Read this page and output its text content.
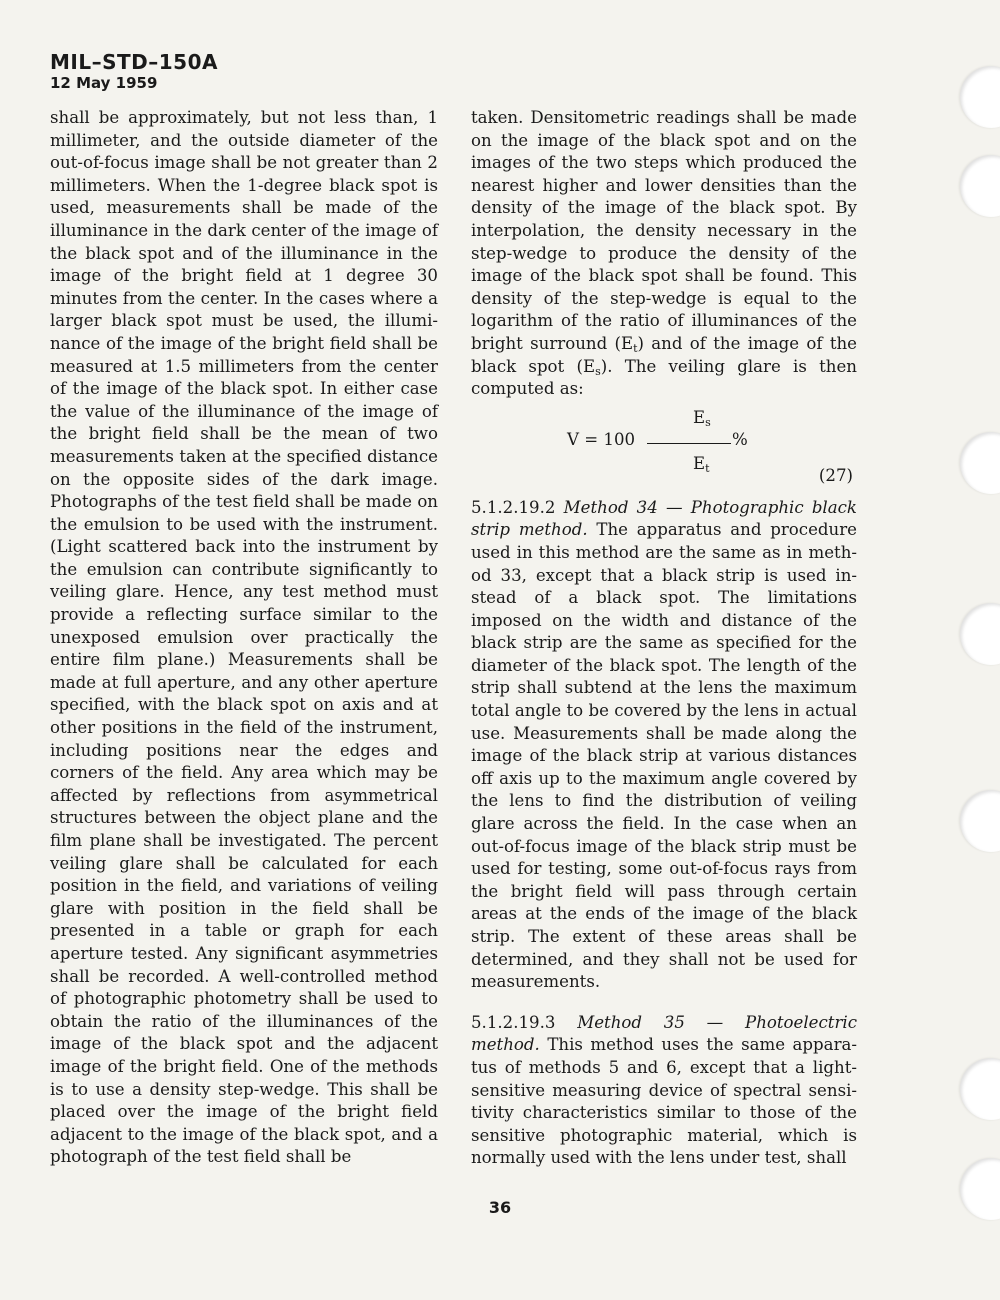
MIL–STD–150A
12 May 1959

shall be approximately, but not less than, 1 millimeter, and the outside diameter of the out-of-focus image shall be not greater than 2 millimeters. When the 1-degree black spot is used, measurements shall be made of the illuminance in the dark center of the image of the black spot and of the illuminance in the image of the bright field at 1 degree 30 minutes from the center. In the cases where a larger black spot must be used, the illuminance of the image of the bright field shall be measured at 1.5 millimeters from the center of the image of the black spot. In either case the value of the illuminance of the image of the bright field shall be the mean of two measurements taken at the specified distance on the opposite sides of the dark image. Photographs of the test field shall be made on the emulsion to be used with the instrument. (Light scattered back into the instrument by the emulsion can contribute significantly to veiling glare. Hence, any test method must provide a reflecting surface similar to the unexposed emulsion over practically the entire film plane.) Measurements shall be made at full aperture, and any other aperture specified, with the black spot on axis and at other positions in the field of the instrument, including positions near the edges and corners of the field. Any area which may be affected by reflections from asymmetrical structures between the object plane and the film plane shall be investigated. The percent veiling glare shall be calculated for each position in the field, and variations of veiling glare with position in the field shall be presented in a table or graph for each aperture tested. Any significant asymmetries shall be recorded. A well-controlled method of photographic photometry shall be used to obtain the ratio of the illuminances of the image of the black spot and the adjacent image of the bright field. One of the methods is to use a density step-wedge. This shall be placed over the image of the bright field adjacent to the image of the black spot, and a photograph of the test field shall be

taken. Densitometric readings shall be made on the image of the black spot and on the images of the two steps which produced the nearest higher and lower densities than the density of the image of the black spot. By interpolation, the density necessary in the step-wedge to produce the density of the image of the black spot shall be found. This density of the step-wedge is equal to the logarithm of the ratio of illuminances of the bright surround $(E_t)$ and of the image of the black spot $(E_s)$. The veiling glare is then computed as:

V = 100
$E_s$
%
$E_t$	(27)

5.1.2.19.2 Method 34 — Photographic black strip method. The apparatus and procedure used in this method are the same as in method 33, except that a black strip is used instead of a black spot. The limitations imposed on the width and distance of the black strip are the same as specified for the diameter of the black spot. The length of the strip shall subtend at the lens the maximum total angle to be covered by the lens in actual use. Measurements shall be made along the image of the black strip at various distances off axis up to the maximum angle covered by the lens to find the distribution of veiling glare across the field. In the case when an out-of-focus image of the black strip must be used for testing, some out-of-focus rays from the bright field will pass through certain areas at the ends of the image of the black strip. The extent of these areas shall be determined, and they shall not be used for measurements.

5.1.2.19.3 Method 35 — Photoelectric method. This method uses the same apparatus of methods 5 and 6, except that a light-sensitive measuring device of spectral sensitivity characteristics similar to those of the sensitive photographic material, which is normally used with the lens under test, shall

36
